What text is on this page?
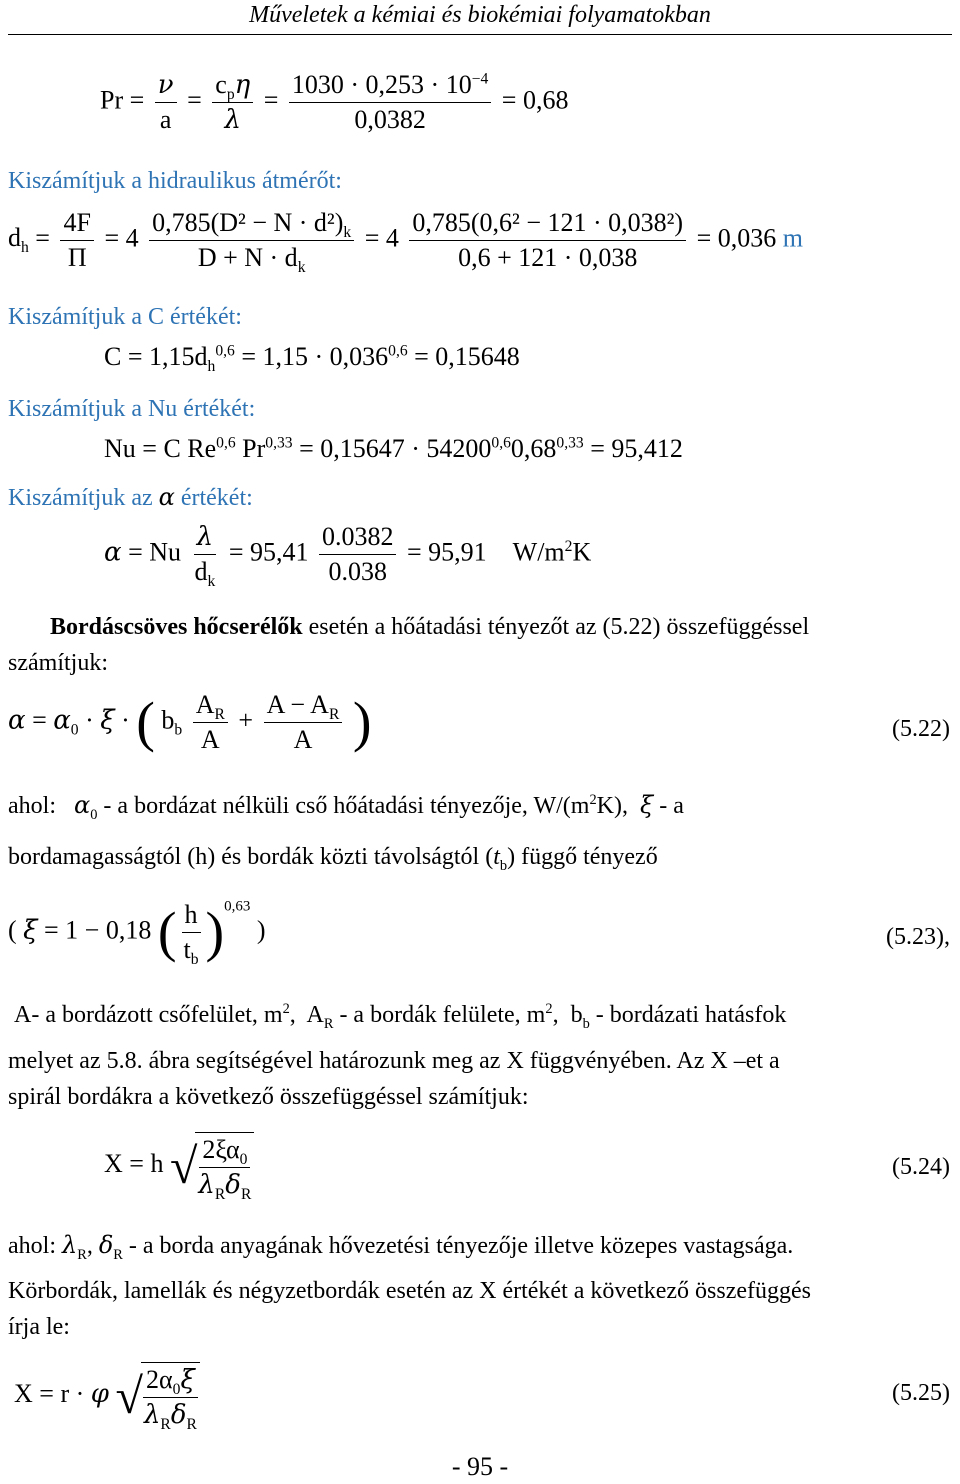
Műveletek a kémiai és biokémiai folyamatokban
$Pr = \frac{\nu}{a} = \frac{c_p\eta}{\lambda} = \frac{1030 \cdot 0,253 \cdot 10^{-4}}{0,0382} = 0,68$
Kiszámítjuk a hidraulikus átmérőt:
$d_h = \frac{4F}{\Pi} = 4 \frac{0,785(D^2 - N \cdot d^2)_k}{D + N \cdot d_k} = 4 \frac{\text{0,785(0,6² − 121 · 0,038²)}}{0,6 + 121 \cdot 0,038} = 0,036$ m
Kiszámítjuk a C értékét:
$C = 1,15d_h^{0,6} = 1,15 \cdot 0,036^{0,6} = 0,15648$
Kiszámítjuk a Nu értékét:
Nu = C Re$^{0,6}$ $Pr^{0,33} = 0,15647 \cdot 54200^{0,6}0,68^{0,33} = 95,412$
Kiszámítjuk az α értékét:
α = Nu $\frac{\lambda}{d_k} = 95,41 \frac{0.0382}{0.038} = 95,91$ $W/m^2K$
Bordáscsöves hőcserélők esetén a hőátadási tényezőt az (5.22) összefüggéssel
számítjuk:
$\alpha = \alpha_0 \cdot \xi$ · ( $b_b \frac{A_R}{A} + \frac{A - A_R}{A}$ )	(5.22)
ahol: $\alpha_0$ - a bordázat nélküli cső hőátadási tényezője, $W/(m^2K)$, ξ - a
bordamagasságtól (h) és bordák közti távolságtól $(t_b)$ függő tényező
( ξ = 1 − 0,18 ( $\frac{h}{t_b} )^{0,63}$ )	(5.23),
A- a bordázott csőfelület, $m^2$, $A_R$ - a bordák felülete, $m^2$, $b_b$ - bordázati hatásfok
melyet az 5.8. ábra segítségével határozunk meg az X függvényében. Az X –et a
spirál bordákra a következő összefüggéssel számítjuk:
X = h √
$\frac{2\xi\alpha_0}{\lambda_R\delta_R}$	(5.24)
ahol: $\lambda_R$, $\delta_R$ - a borda anyagának hővezetési tényezője illetve közepes vastagsága.
Körbordák, lamellák és négyzetbordák esetén az X értékét a következő összefüggés
írja le:
X = r · φ √
$\frac{2\alpha_0\xi}{\lambda_R\delta_R}$	(5.25)
- 95 -
